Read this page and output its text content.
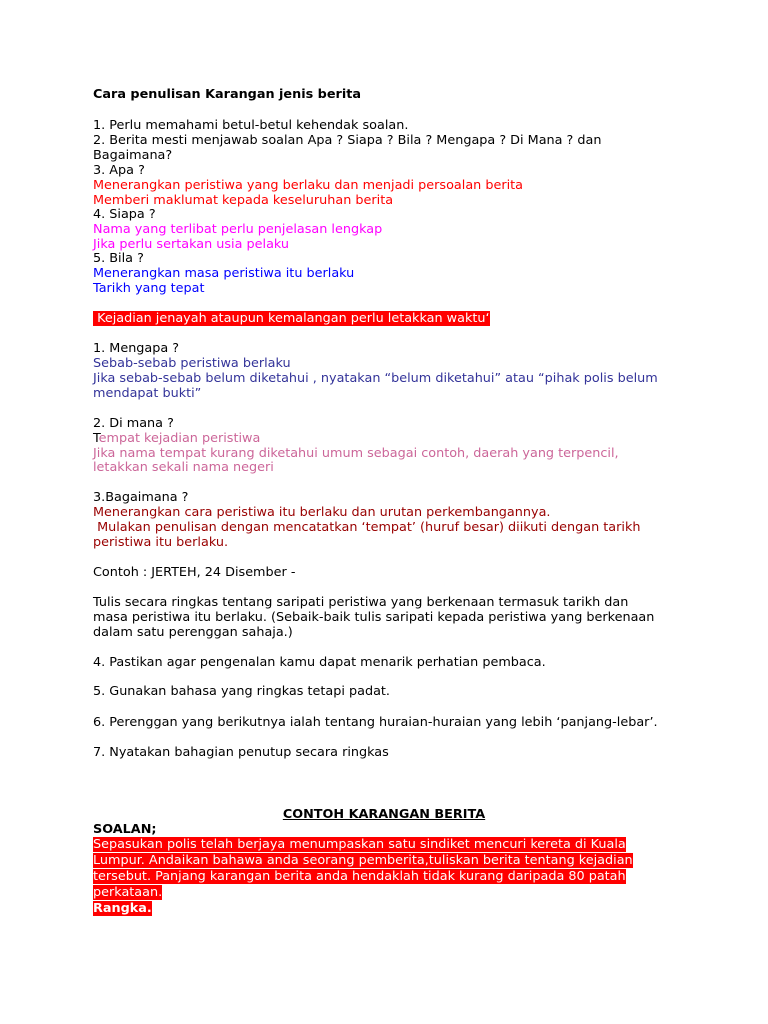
Cara penulisan Karangan jenis berita
1. Perlu memahami betul-betul kehendak soalan.
2. Berita mesti menjawab soalan Apa ? Siapa ? Bila ? Mengapa ? Di Mana ? dan
Bagaimana?
3. Apa ?
Menerangkan peristiwa yang berlaku dan menjadi persoalan berita
Memberi maklumat kepada keseluruhan berita
4. Siapa ?
Nama yang terlibat perlu penjelasan lengkap
Jika perlu sertakan usia pelaku
5. Bila ?
Menerangkan masa peristiwa itu berlaku
Tarikh yang tepat
Kejadian jenayah ataupun kemalangan perlu letakkan waktu‘
1. Mengapa ?
Sebab-sebab peristiwa berlaku
Jika sebab-sebab belum diketahui , nyatakan “belum diketahui” atau “pihak polis belum
mendapat bukti”
2. Di mana ?
Tempat kejadian peristiwa
Jika nama tempat kurang diketahui umum sebagai contoh, daerah yang terpencil,
letakkan sekali nama negeri
3.Bagaimana ?
Menerangkan cara peristiwa itu berlaku dan urutan perkembangannya.
Mulakan penulisan dengan mencatatkan ‘tempat’ (huruf besar) diikuti dengan tarikh
peristiwa itu berlaku.
Contoh : JERTEH, 24 Disember -
Tulis secara ringkas tentang saripati peristiwa yang berkenaan termasuk tarikh dan
masa peristiwa itu berlaku. (Sebaik-baik tulis saripati kepada peristiwa yang berkenaan
dalam satu perenggan sahaja.)
4. Pastikan agar pengenalan kamu dapat menarik perhatian pembaca.
5. Gunakan bahasa yang ringkas tetapi padat.
6. Perenggan yang berikutnya ialah tentang huraian-huraian yang lebih ‘panjang-lebar’.
7. Nyatakan bahagian penutup secara ringkas
CONTOH KARANGAN BERITA
SOALAN;
Sepasukan polis telah berjaya menumpaskan satu sindiket mencuri kereta di Kuala
Lumpur. Andaikan bahawa anda seorang pemberita,tuliskan berita tentang kejadian
tersebut. Panjang karangan berita anda hendaklah tidak kurang daripada 80 patah
perkataan.
Rangka.
